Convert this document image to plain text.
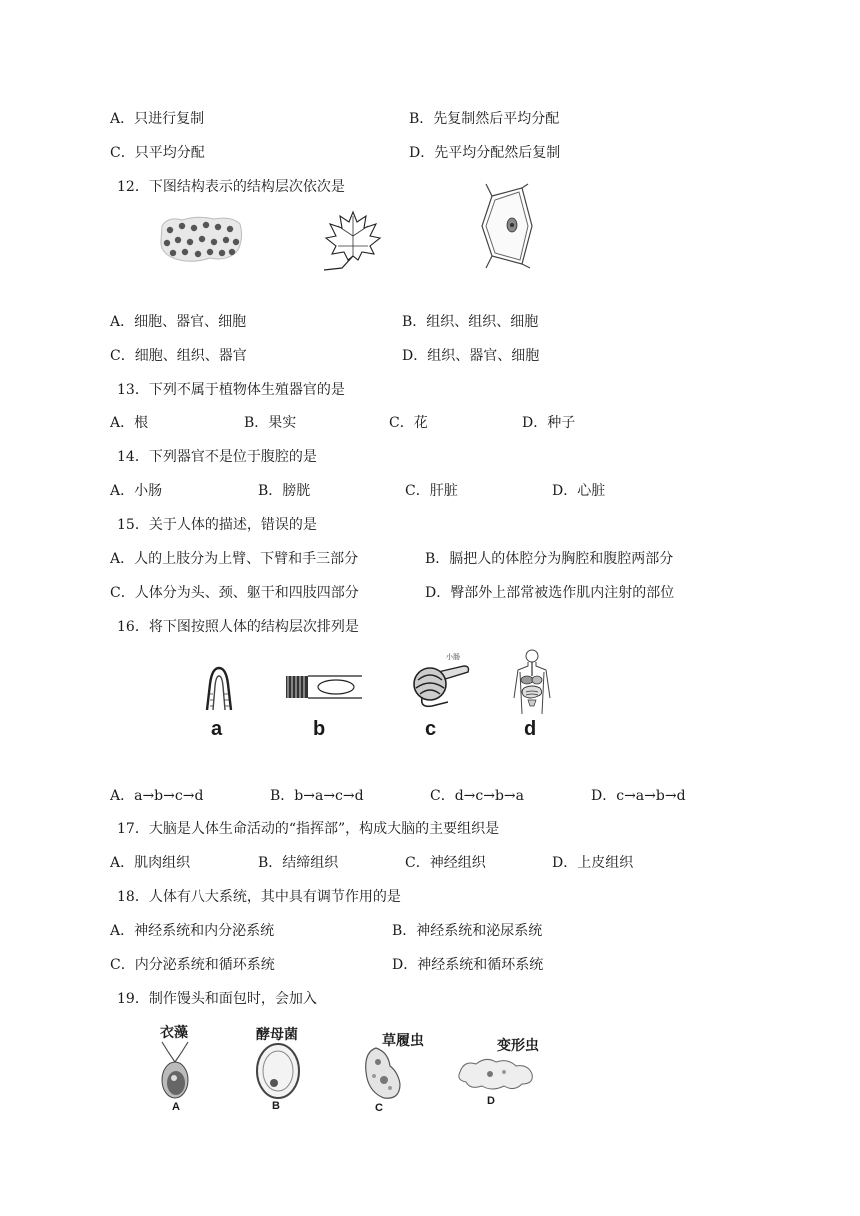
A．只进行复制	B．先复制然后平均分配
C．只平均分配	D．先平均分配然后复制
12．下图结构表示的结构层次依次是
A．细胞、器官、细胞	B．组织、组织、细胞
C．细胞、组织、器官	D．组织、器官、细胞
13．下列不属于植物体生殖器官的是
A．根	B．果实	C．花	D．种子
14．下列器官不是位于腹腔的是
A．小肠	B．膀胱	C．肝脏	D．心脏
15．关于人体的描述，错误的是
A．人的上肢分为上臂、下臂和手三部分	B．膈把人的体腔分为胸腔和腹腔两部分
C．人体分为头、颈、躯干和四肢四部分	D．臀部外上部常被选作肌内注射的部位
16．将下图按照人体的结构层次排列是
a	b
小肠
c	d
A．a→b→c→d	B．b→a→c→d	C．d→c→b→a	D．c→a→b→d
17．大脑是人体生命活动的“指挥部”，构成大脑的主要组织是
A．肌肉组织	B．结缔组织	C．神经组织	D．上皮组织
18．人体有八大系统，其中具有调节作用的是
A．神经系统和内分泌系统	B．神经系统和泌尿系统
C．内分泌系统和循环系统	D．神经系统和循环系统
19．制作馒头和面包时，会加入
衣藻
A
酵母菌
B
草履虫
C
变形虫
D
